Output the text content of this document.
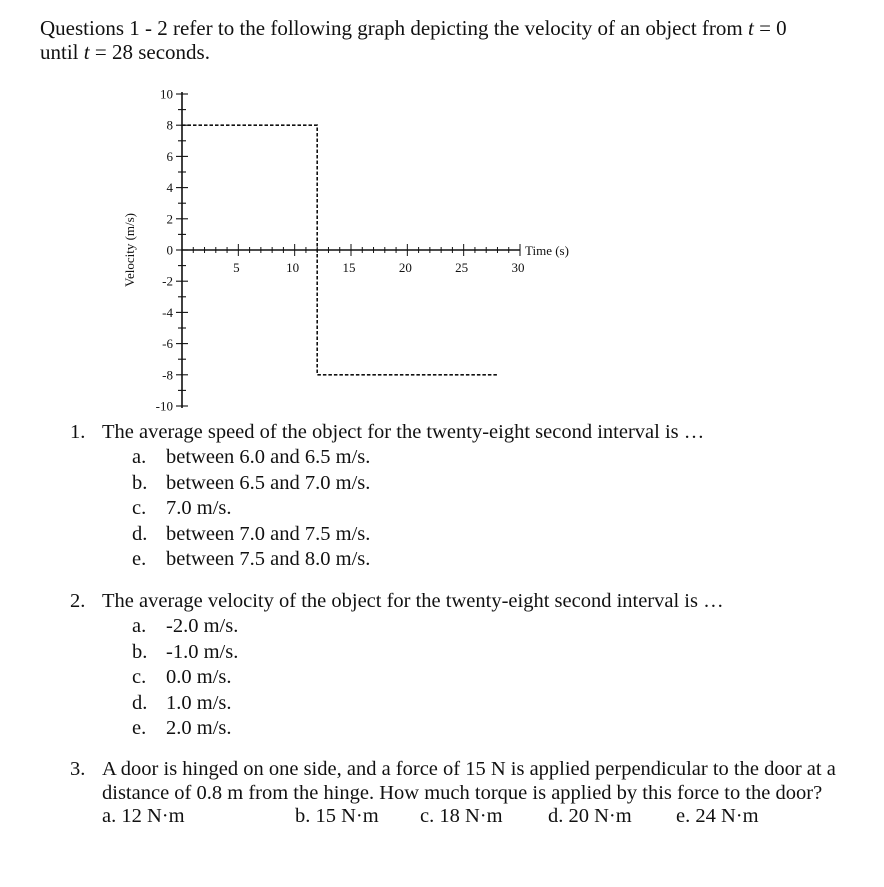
Questions 1 - 2 refer to the following graph depicting the velocity of an object from t = 0
until t = 28 seconds.
10
8
6
4
2
0
-2
-4
-6
-8
-10
5	10	15	20	25	30
Time (s)
Velocity (m/s)
1. The average speed of the object for the twenty-eight second interval is …
a. between 6.0 and 6.5 m/s.
b. between 6.5 and 7.0 m/s.
c. 7.0 m/s.
d. between 7.0 and 7.5 m/s.
e. between 7.5 and 8.0 m/s.
2. The average velocity of the object for the twenty-eight second interval is …
a. -2.0 m/s.
b. -1.0 m/s.
c. 0.0 m/s.
d. 1.0 m/s.
e. 2.0 m/s.
3. A door is hinged on one side, and a force of 15 N is applied perpendicular to the door at a
distance of 0.8 m from the hinge. How much torque is applied by this force to the door?
a. 12 N·m	b. 15 N·m c. 18 N·m d. 20 N·m e. 24 N·m
